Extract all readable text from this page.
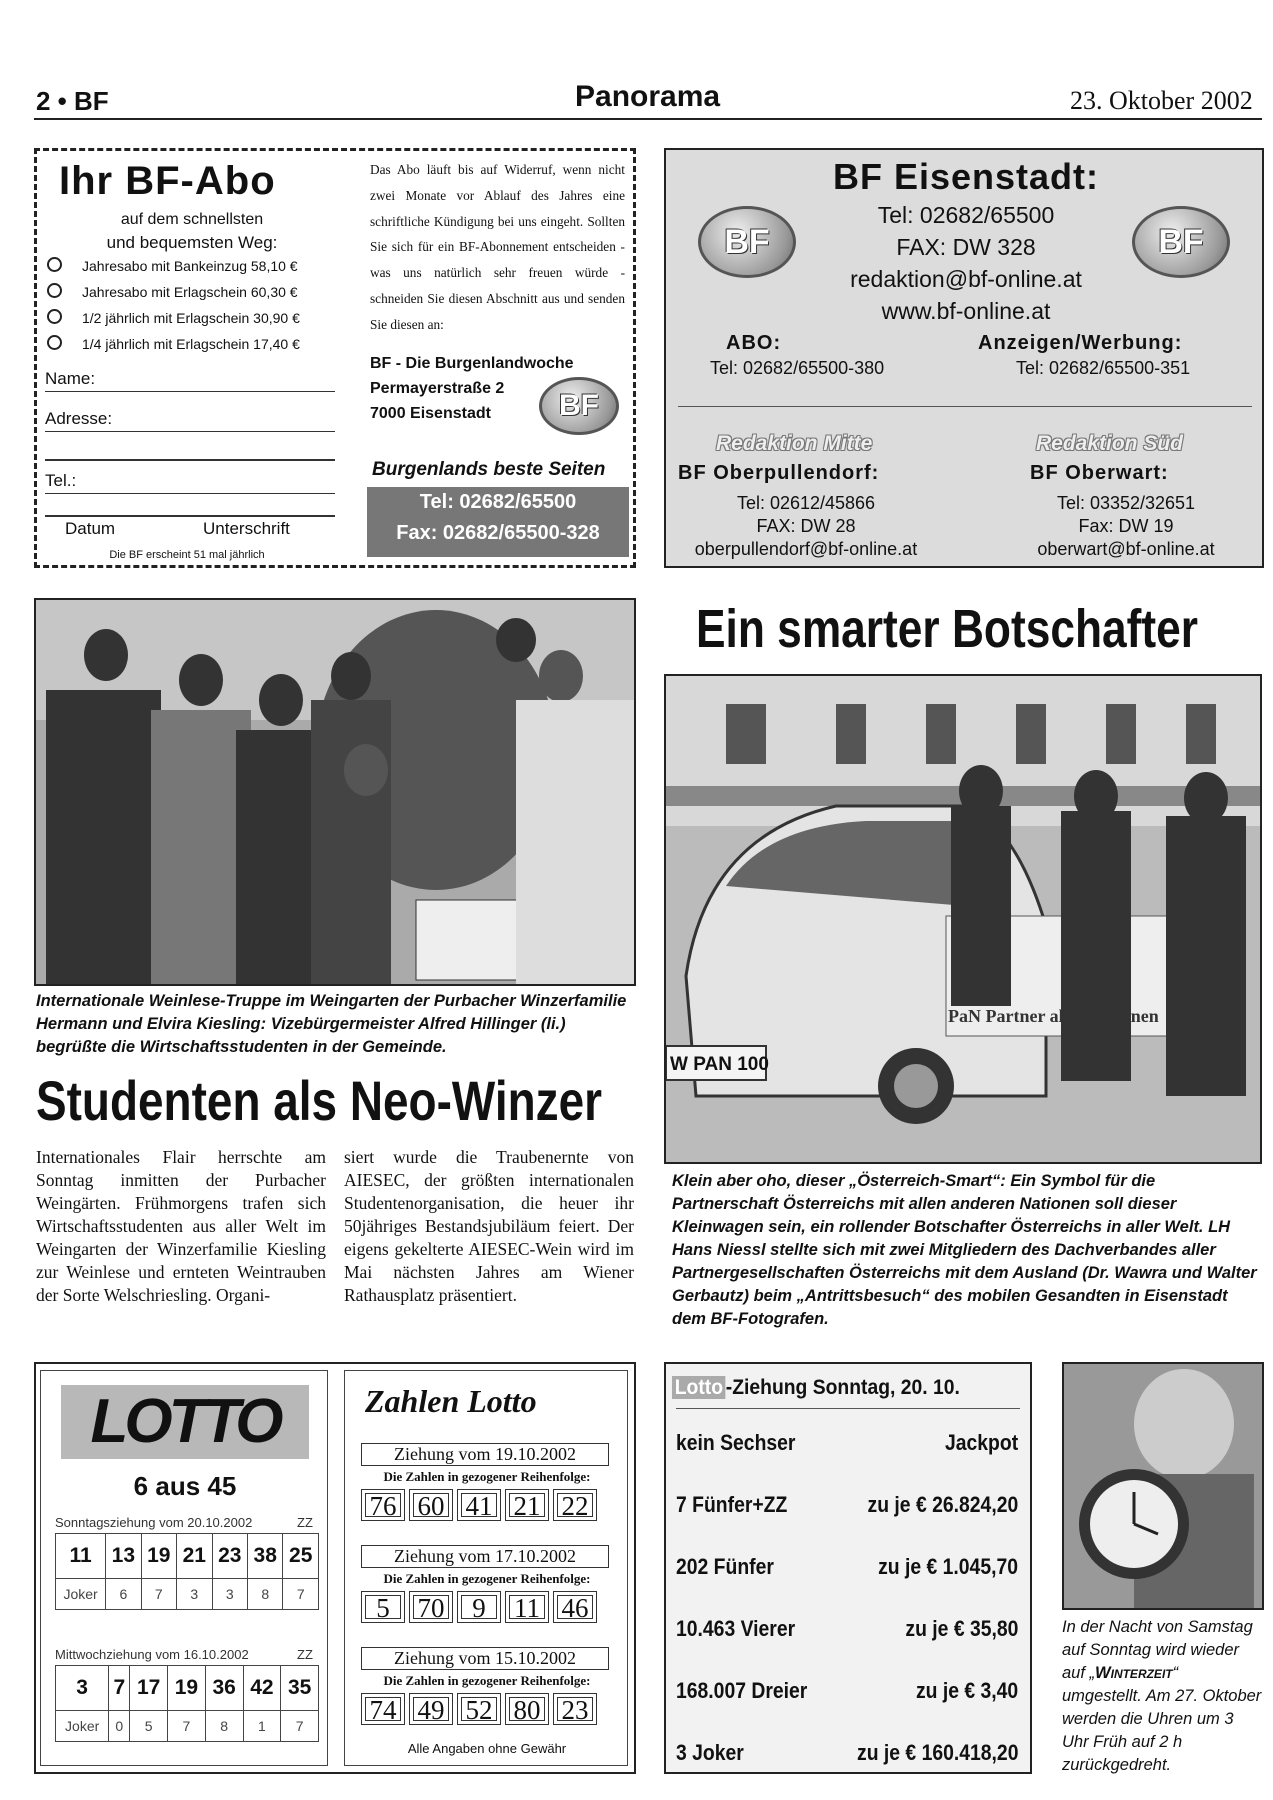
2 • BF	Panorama	23. Oktober 2002
Ihr BF-Abo
auf dem schnellsten
und bequemsten Weg:
Jahresabo mit Bankeinzug 58,10 €
Jahresabo mit Erlagschein 60,30 €
1/2 jährlich mit Erlagschein 30,90 €
1/4 jährlich mit Erlagschein 17,40 €
Name:
Adresse:
Tel.:
Datum	Unterschrift
Die BF erscheint 51 mal jährlich
Das Abo läuft bis auf Widerruf, wenn nicht zwei Monate vor Ablauf des Jahres eine schriftliche Kündigung bei uns eingeht. Sollten Sie sich für ein BF-Abonnement entscheiden - was uns natürlich sehr freuen würde - schneiden Sie diesen Abschnitt aus und senden Sie diesen an:
BF - Die Burgenlandwoche
Permayerstraße 2
7000 Eisenstadt	BF
Burgenlands beste Seiten
Tel: 02682/65500
Fax: 02682/65500-328
BF Eisenstadt:
BF	BF
Tel: 02682/65500
FAX: DW 328
redaktion@bf-online.at
www.bf-online.at
ABO:
Tel: 02682/65500-380
Anzeigen/Werbung:
Tel: 02682/65500-351
Redaktion Mitte
BF Oberpullendorf:
Tel: 02612/45866
FAX: DW 28
oberpullendorf@bf-online.at
Redaktion Süd
BF Oberwart:
Tel: 03352/32651
Fax: DW 19
oberwart@bf-online.at
Internationale Weinlese-Truppe im Weingarten der Purbacher Winzerfamilie Hermann und Elvira Kiesling: Vizebürgermeister Alfred Hillinger (li.) begrüßte die Wirtschaftsstudenten in der Gemeinde.
Studenten als Neo-Winzer
Internationales Flair herrschte am Sonntag inmitten der Purbacher Weingärten. Frühmorgens trafen sich Wirtschaftsstudenten aus aller Welt im Weingarten der Winzerfamilie Kiesling zur Weinlese und ernteten Weintrauben der Sorte Welschriesling. Organi-
siert wurde die Traubenernte von AIESEC, der größten internationalen Studentenorganisation, die heuer ihr 50jähriges Bestandsjubiläum feiert. Der eigens gekelterte AIESEC-Wein wird im Mai nächsten Jahres am Wiener Rathausplatz präsentiert.
Ein smarter Botschafter
PaN Partner aller Nationen
W PAN 100
Klein aber oho, dieser „Österreich-Smart“: Ein Symbol für die Partnerschaft Österreichs mit allen anderen Nationen soll dieser Kleinwagen sein, ein rollender Botschafter Österreichs in aller Welt. LH Hans Niessl stellte sich mit zwei Mitgliedern des Dachverbandes aller Partnergesellschaften Österreichs mit dem Ausland (Dr. Wawra und Walter Gerbautz) beim „Antrittsbesuch“ des mobilen Gesandten in Eisenstadt dem BF-Fotografen.
LOTTO
6 aus 45
Sonntagsziehung vom 20.10.2002	ZZ
11	13	19	21	23	38	25
Joker	6	7	3	3	8	7
Mittwochziehung vom 16.10.2002	ZZ
3	7	17	19	36	42	35
Joker	0	5	7	8	1	7
Zahlen Lotto
Ziehung vom 19.10.2002
Die Zahlen in gezogener Reihenfolge:
76 60 41 21 22
Ziehung vom 17.10.2002
Die Zahlen in gezogener Reihenfolge:
5	70	9	11 46
Ziehung vom 15.10.2002
Die Zahlen in gezogener Reihenfolge:
74 49 52 80 23
Alle Angaben ohne Gewähr
Lotto -Ziehung Sonntag, 20. 10.
kein Sechser	Jackpot
7 Fünfer+ZZ	zu je € 26.824,20
202 Fünfer	zu je € 1.045,70
10.463 Vierer	zu je € 35,80
168.007 Dreier	zu je € 3,40
3 Joker	zu je € 160.418,20
In der Nacht von Samstag auf Sonntag wird wieder auf „Winterzeit“ umgestellt. Am 27. Oktober werden die Uhren um 3 Uhr Früh auf 2 h zurückgedreht.
